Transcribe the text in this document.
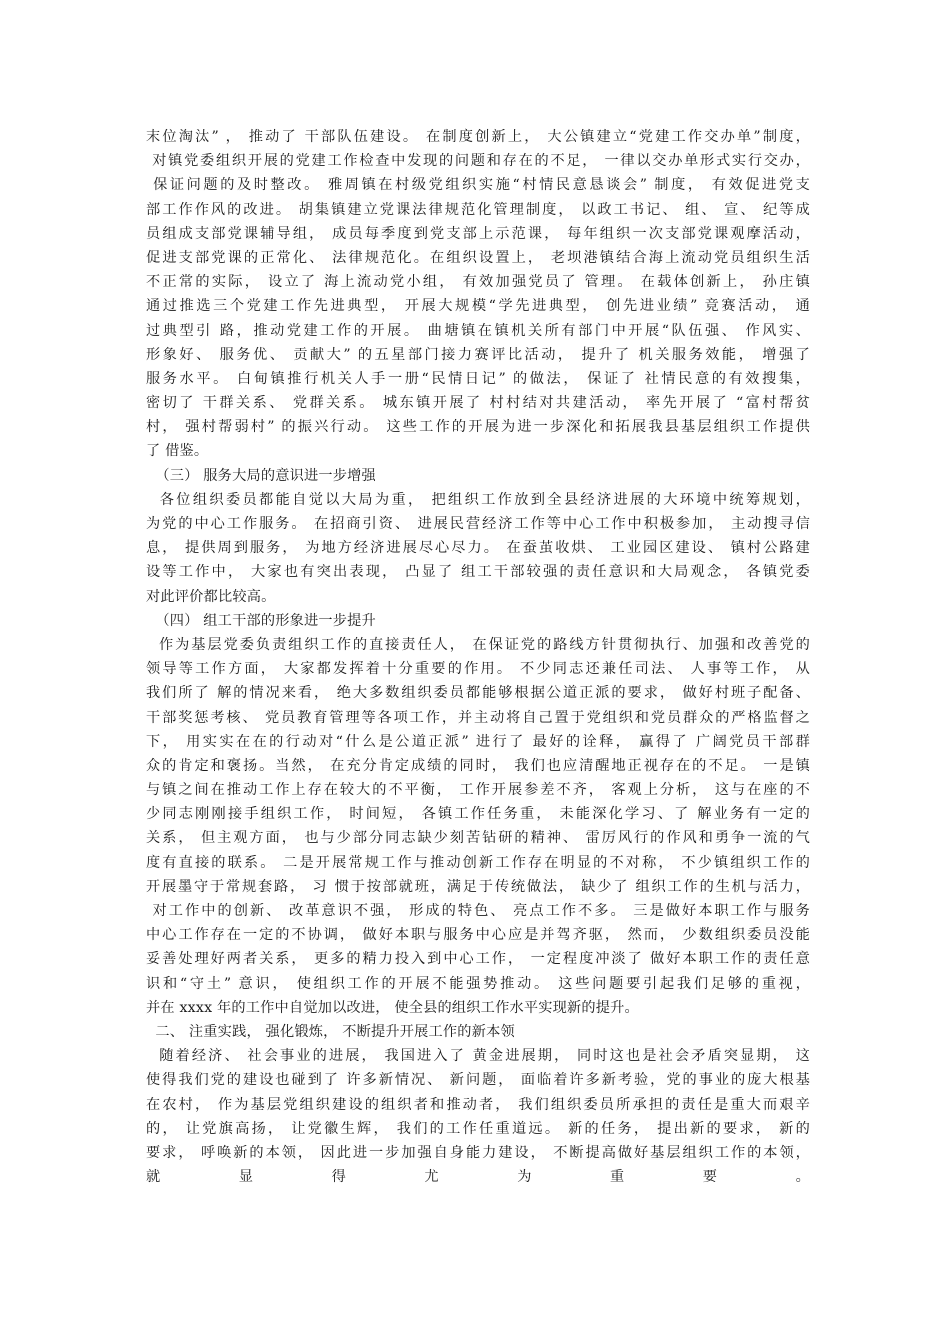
末位淘汰” ， 推动了 干部队伍建设。 在制度创新上， 大公镇建立“党建工作交办单”制度，
对镇党委组织开展的党建工作检查中发现的问题和存在的不足， 一律以交办单形式实行交办，
保证问题的及时整改。 雅周镇在村级党组织实施“村情民意恳谈会” 制度， 有效促进党支
部工作作风的改进。 胡集镇建立党课法律规范化管理制度， 以政工书记、 组、 宣、 纪等成
员组成支部党课辅导组， 成员每季度到党支部上示范课， 每年组织一次支部党课观摩活动，
促进支部党课的正常化、 法律规范化。在组织设置上， 老坝港镇结合海上流动党员组织生活
不正常的实际， 设立了 海上流动党小组， 有效加强党员了 管理。 在载体创新上， 孙庄镇
通过推选三个党建工作先进典型， 开展大规模“学先进典型， 创先进业绩” 竞赛活动， 通
过典型引 路，推动党建工作的开展。 曲塘镇在镇机关所有部门中开展“队伍强、 作风实、
形象好、 服务优、 贡献大” 的五星部门接力赛评比活动， 提升了 机关服务效能， 增强了
服务水平。 白甸镇推行机关人手一册“民情日记” 的做法， 保证了 社情民意的有效搜集，
密切了 干群关系、 党群关系。 城东镇开展了 村村结对共建活动， 率先开展了 “富村帮贫
村， 强村帮弱村” 的振兴行动。 这些工作的开展为进一步深化和拓展我县基层组织工作提供
了 借鉴。
（三） 服务大局的意识进一步增强
各位组织委员都能自觉以大局为重， 把组织工作放到全县经济进展的大环境中统筹规划，
为党的中心工作服务。 在招商引资、 进展民营经济工作等中心工作中积极参加， 主动搜寻信
息， 提供周到服务， 为地方经济进展尽心尽力。 在蚕茧收烘、 工业园区建设、 镇村公路建
设等工作中， 大家也有突出表现， 凸显了 组工干部较强的责任意识和大局观念， 各镇党委
对此评价都比较高。
（四） 组工干部的形象进一步提升
作为基层党委负责组织工作的直接责任人， 在保证党的路线方针贯彻执行、加强和改善党的
领导等工作方面， 大家都发挥着十分重要的作用。 不少同志还兼任司法、 人事等工作， 从
我们所了 解的情况来看， 绝大多数组织委员都能够根据公道正派的要求， 做好村班子配备、
干部奖惩考核、 党员教育管理等各项工作，并主动将自己置于党组织和党员群众的严格监督之
下， 用实实在在的行动对“什么是公道正派” 进行了 最好的诠释， 赢得了 广阔党员干部群
众的肯定和褒扬。当然， 在充分肯定成绩的同时， 我们也应清醒地正视存在的不足。 一是镇
与镇之间在推动工作上存在较大的不平衡， 工作开展参差不齐， 客观上分析， 这与在座的不
少同志刚刚接手组织工作， 时间短， 各镇工作任务重， 未能深化学习、了 解业务有一定的
关系， 但主观方面， 也与少部分同志缺少刻苦钻研的精神、 雷厉风行的作风和勇争一流的气
度有直接的联系。 二是开展常规工作与推动创新工作存在明显的不对称， 不少镇组织工作的
开展墨守于常规套路， 习 惯于按部就班，满足于传统做法， 缺少了 组织工作的生机与活力，
对工作中的创新、 改革意识不强， 形成的特色、 亮点工作不多。 三是做好本职工作与服务
中心工作存在一定的不协调， 做好本职与服务中心应是并驾齐驱， 然而， 少数组织委员没能
妥善处理好两者关系， 更多的精力投入到中心工作， 一定程度冲淡了 做好本职工作的责任意
识和“守土” 意识， 使组织工作的开展不能强势推动。 这些问题要引起我们足够的重视，
并在 xxxx 年的工作中自觉加以改进， 使全县的组织工作水平实现新的提升。
二、 注重实践， 强化锻炼， 不断提升开展工作的新本领
随着经济、 社会事业的进展， 我国进入了 黄金进展期， 同时这也是社会矛盾突显期， 这
使得我们党的建设也碰到了 许多新情况、 新问题， 面临着许多新考验，党的事业的庞大根基
在农村， 作为基层党组织建设的组织者和推动者， 我们组织委员所承担的责任是重大而艰辛
的， 让党旗高扬， 让党徽生辉， 我们的工作任重道远。 新的任务， 提出新的要求， 新的
要求， 呼唤新的本领， 因此进一步加强自身能力建设， 不断提高做好基层组织工作的本领，
就显得尤为重要。
